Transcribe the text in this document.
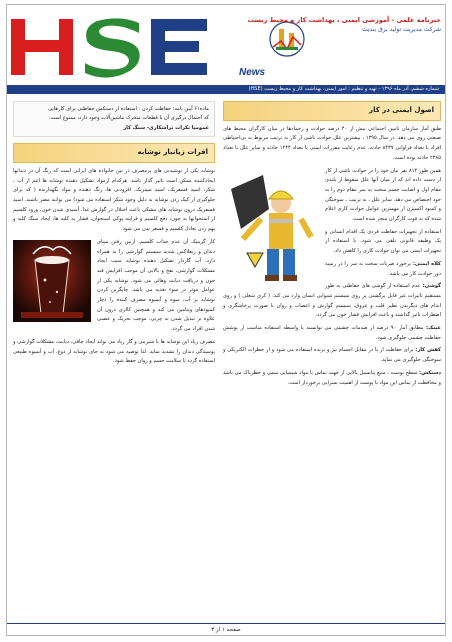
News
خبرنامه علمی - آموزشی ایمنی ، بهداشت کار و محیط زیست
شرکت مدیریت تولید برق بندیت
شماره ششم، آذر ماه ۱۳۹۶ - تهیه و تنظیم : امور ایمنی، بهداشت کار و محیط زیست (HSE)
ماده۶۱ آیین نامه: حفاظت کردن : استفاده از دستکش حفاظتی برای کارهایی
که احتمال درگیری آن با قطعات متحرک ماشین‌آلات وجود دارد، ممنوع است.
عمومیا نکرات تراشکاری- سنگ کار
افرات زیانبار نوشابه
نوشابه یکی از نوشیدنی های پرمصرف در بین خانواده های ایرانی است که رنگ آن در دندانها ایجادکننده ممکن است تاثیر گذار باشد. هرکدام ازمواد تشکیل دهنده نوشابه ها اعم از آب ، شکر، اسید فسفریک، اسید سیتریک، افزودنی ها، رنگ دهنده و مواد نگهدارنده ( که برای جلوگیری از کپک زدن نوشابه به دلیل وجود شکر استفاده می شود) می توانند مضر باشند. اسید فسفریک درون نوشابه های مشکی باعث اختلال در گوارش غذا، آسیدی شدن خون، ورود کلسیم از استخوانها به خون، دفع کلسیم و فرایند پوکی استخوان، فشار به کلیه ها، ایجاد سنگ کلیه و بهم زدن تعادل کلسیم و فسفر بدن می شود.
کار گرینیک آن عدم جذاب کلسیم، ازبین رفتن مینای دندان و ریفلاکس شدید سیستم گوارشی را به همراه دارد. آب گازدار تشکیل دهنده نوشابه سبب ایجاد مشکلات گوارشی، نفخ و بالابی آن موجب افزایش قند خون و دریافت دیابت وهائی می شود. نوشابه یکی از عوامل موثر در سوء تغذیه می باشد. چاپگرین کردن نوشابه بر آب، میوه و آبمیوه مصرف کننده را دچار کمبودهای ویتامین می کند و همچنین کالری درون آن علاوه بر تبدیل شدن به چربی، موجب تحریک و عصبی شدن افراد می گردد.
مصرف زیاد این نوشابه ها با شیرینی و گاز زیاد می تواند ایجاد چاقی، دیابت، مشکلات گوارشی و پوسیدگی دندان را تشدید نماید. لذا توصیه می شود به جای نوشابه از دوغ، آب و آبمیوه طبیعی استفاده گردد تا سلامت جسم و روان حفظ شود.
اصول ایمنی در کار
طبق آمار سازمان تامین اجتماعی بیش از ۴۰ درصد حوادث و زخمادها در میان کارگران محیط های صنعتی روی می دهد. در سال ۱۳۹۵ ، بیشترین علل حوادث ناشی از کار به ترتیب مربوط به بی‌احتیاطی افراد با تعداد فراوانی ۸۴۳۷ حادثه، عدم رعایت مقررات ایمنی با تعداد ۱۲۴۴ حادثه و سایر علل با تعداد ۲۳۸۵ حادثه بوده است.
همین طور ۸۱۴ نفر بیان خود را در حوادث ناشی از کار از دست داده اند که از میان آنها علل سقوط از بلندی مقام اول و اصابت جسم سخت به سر مقام دوم را به خود اختصاص می دهد. سایر علل ، به ترتیب ، سوختگی و کمبود اکسیژن از مهمترین عوامل حوادث کاری اعلام شده که به فوت کارگران منجر شده است.
استفاده از تجهیزات حفاظت فردی یک اقدام انسانی و یک وظیفه قانونی تلقی می شود. با استفاده از تجهیزات ایمنی می توان حوادث کاری را کاهش داد.
کلاه ایمنی: برخورد ضربات سخت به سر را در زمینه دور حوادث کار می باشد.
گوشی: عدم استفاده از گوشی های حفاظتی به طور مستقیم تاثیرات غیر قابل برگشتی بر روی سیستم شنوایی انسان وارد می کند. ( کری شغلی ) و روی اندام های دیگربدن نظیر قلب و عروق، سیستم گوارش و اعصاب و روان با صورت پرخاشگری و اضطراب تاثیر گذاشته و باعث افزایش فشار خون می گردد.
عینک: مطابق آمار ۹۰ درصد از صدمات چشمی می توانسته با واسطه استفاده مناسب از پوشش حفاظت چشمی جلوگیری شود.
کفش کار: برای حفاظت از پا در مقابل اجسام تیز و برنده استفاده می شود و از خطرات الکتریکی و سوختگی جلوگیری می نماید.
دستکش: سطح پوست ، منبع پتانسیل بالایی از جهت تماس با مواد شیمیایی سمی و خطرناک می باشد و محافظت از تماس این مواد با پوست از اهمیت بسزایی برخوردار است.
صفحه ۱ از ۳
